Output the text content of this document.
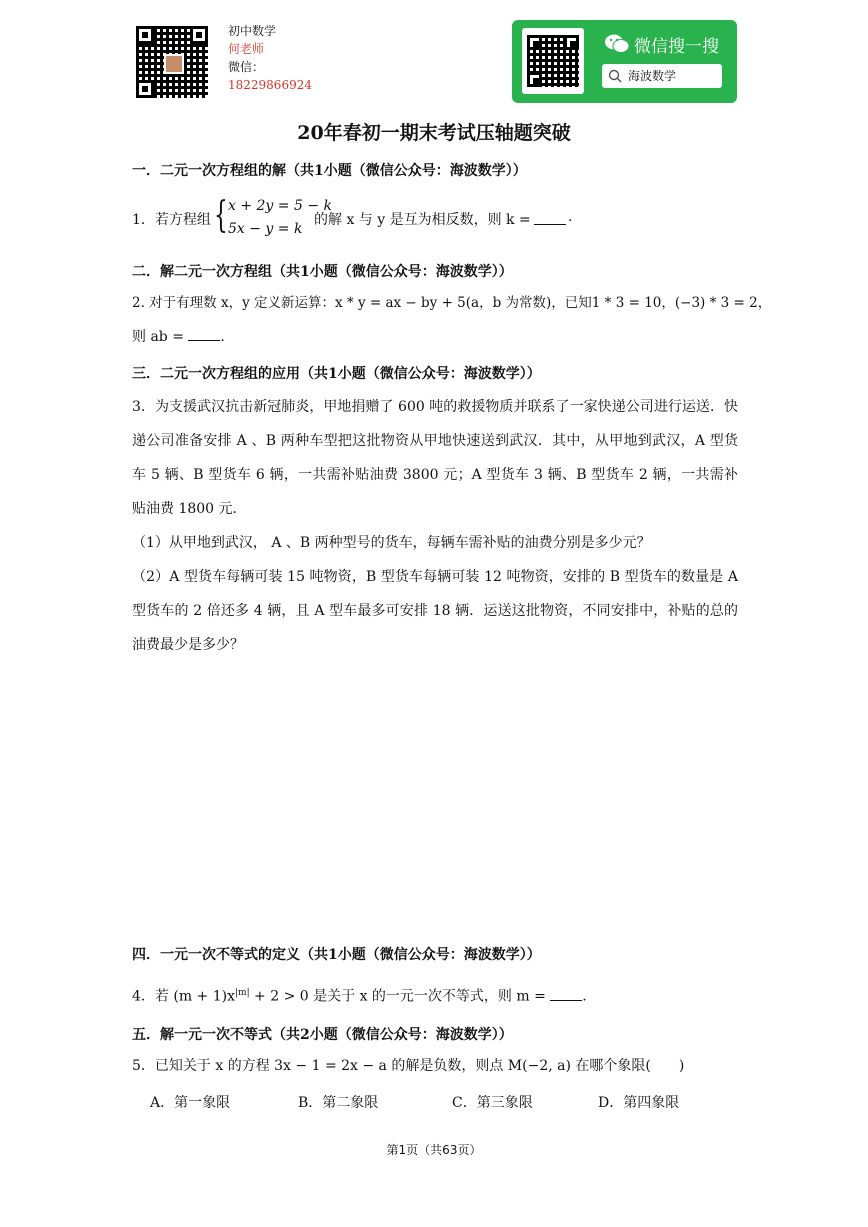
初中数学
何老师
微信：
18229866924
微信搜一搜
海波数学
20年春初一期末考试压轴题突破
一．二元一次方程组的解（共1小题（微信公众号：海波数学））
1．若方程组 { x + 2y = 5 − k
5x − y = k
的解 x 与 y 是互为相反数，则 k =	.
二．解二元一次方程组（共1小题（微信公众号：海波数学））
2. 对于有理数 x，y 定义新运算：x * y = ax − by + 5(a，b 为常数)，已知1 * 3 = 10，(−3) * 3 = 2，
则 ab =	.
三．二元一次方程组的应用（共1小题（微信公众号：海波数学））
3．为支援武汉抗击新冠肺炎，甲地捐赠了 600 吨的救援物质并联系了一家快递公司进行运送．快递公司准备安排 A 、B 两种车型把这批物资从甲地快速送到武汉．其中，从甲地到武汉，A 型货车 5 辆、B 型货车 6 辆，一共需补贴油费 3800 元；A 型货车 3 辆、B 型货车 2 辆，一共需补贴油费 1800 元．
（1）从甲地到武汉， A 、B 两种型号的货车，每辆车需补贴的油费分别是多少元？
（2）A 型货车每辆可装 15 吨物资，B 型货车每辆可装 12 吨物资，安排的 B 型货车的数量是 A 型货车的 2 倍还多 4 辆，且 A 型车最多可安排 18 辆．运送这批物资，不同安排中，补贴的总的油费最少是多少？
四．一元一次不等式的定义（共1小题（微信公众号：海波数学））
4．若 $(m + 1)x^{|m|} + 2 > 0$ 是关于 x 的一元一次不等式，则 m =	.
五．解一元一次不等式（共2小题（微信公众号：海波数学））
5．已知关于 x 的方程 3x − 1 = 2x − a 的解是负数，则点 M(−2, a) 在哪个象限(　　)
A．第一象限	B．第二象限	C．第三象限	D．第四象限
第1页（共63页）
